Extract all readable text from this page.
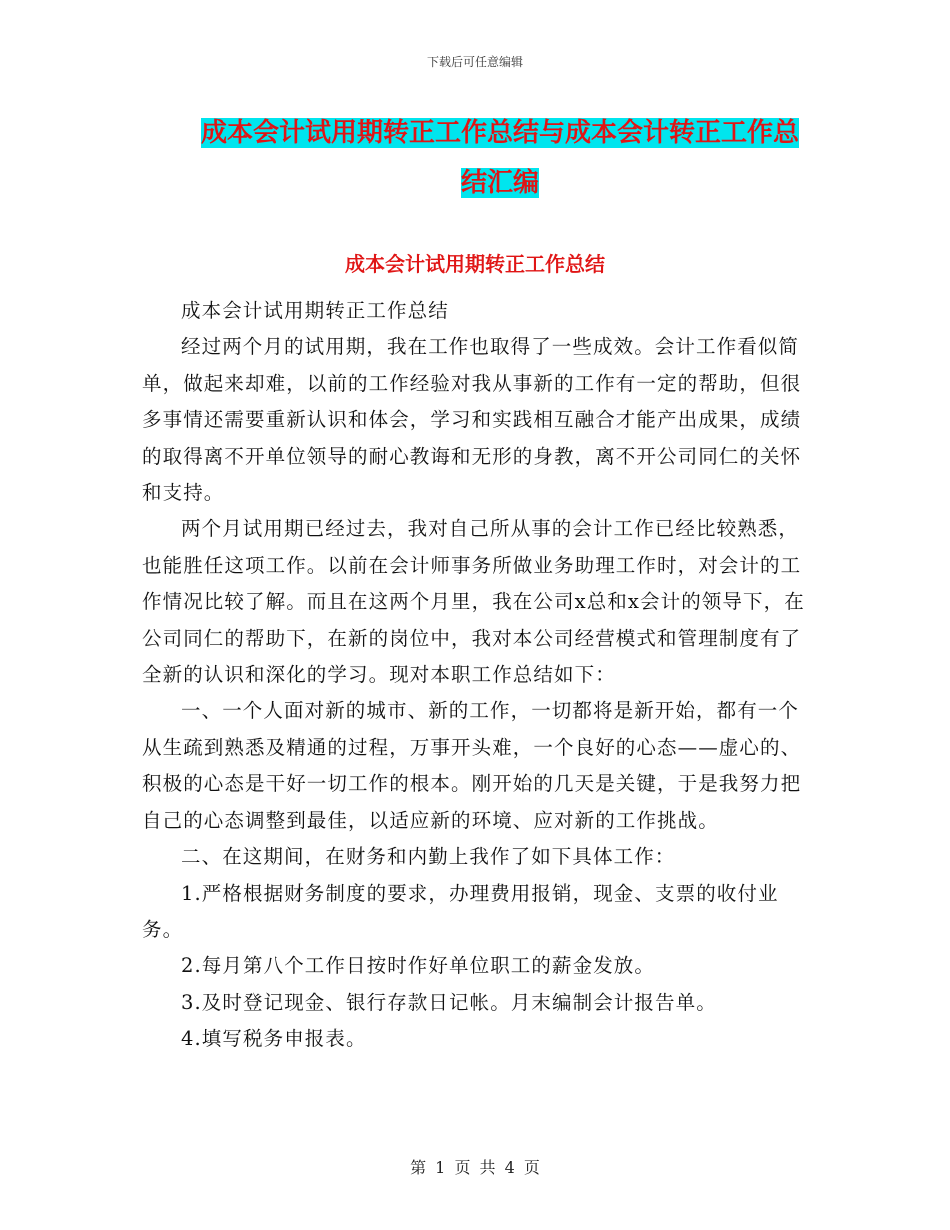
下载后可任意编辑
成本会计试用期转正工作总结与成本会计转正工作总
结汇编
成本会计试用期转正工作总结

成本会计试用期转正工作总结

经过两个月的试用期，我在工作也取得了一些成效。会计工作看似简单，做起来却难，以前的工作经验对我从事新的工作有一定的帮助，但很多事情还需要重新认识和体会，学习和实践相互融合才能产出成果，成绩的取得离不开单位领导的耐心教诲和无形的身教，离不开公司同仁的关怀和支持。

两个月试用期已经过去，我对自己所从事的会计工作已经比较熟悉，也能胜任这项工作。以前在会计师事务所做业务助理工作时，对会计的工作情况比较了解。而且在这两个月里，我在公司x总和x会计的领导下，在公司同仁的帮助下，在新的岗位中，我对本公司经营模式和管理制度有了全新的认识和深化的学习。现对本职工作总结如下：

一、一个人面对新的城市、新的工作，一切都将是新开始，都有一个从生疏到熟悉及精通的过程，万事开头难，一个良好的心态——虚心的、积极的心态是干好一切工作的根本。刚开始的几天是关键，于是我努力把自己的心态调整到最佳，以适应新的环境、应对新的工作挑战。

二、在这期间，在财务和内勤上我作了如下具体工作：

1.严格根据财务制度的要求，办理费用报销，现金、支票的收付业务。

2.每月第八个工作日按时作好单位职工的薪金发放。

3.及时登记现金、银行存款日记帐。月末编制会计报告单。

4.填写税务申报表。

第 1 页 共 4 页
